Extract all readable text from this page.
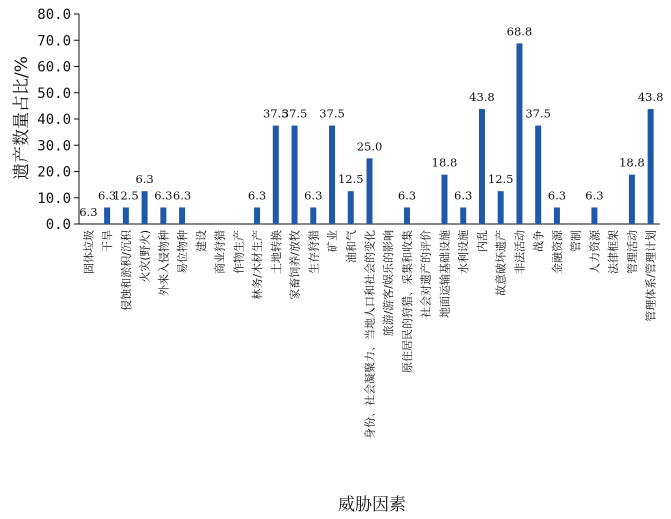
0.0
10.0
20.0
30.0
40.0
50.0
60.0
70.0
80.0
6.3
6.3
12.5
6.3
6.3 6.3	6.3
37.5
37.5
6.3
37.5
12.5
25.0
6.3
18.8
6.3
43.8
12.5
68.8
37.5
6.3 6.3
18.8
43.8
固体垃圾 干旱 侵蚀和淤积/沉积 火灾(野火) 外来入侵物种 易位物种 建设 商业狩猎 作物生产 林务/木材生产 土地转换 家畜饲养/放牧 生存狩猎 矿业 油和气 身份、社会凝聚力、当地人口和社会的变化 旅游/游客/娱乐的影响 原住居民的狩猎、采集和收集 社会对遗产的评价 地面运输基础设施 水利设施 内乱 故意破坏遗产 非法活动 战争 金融资源 管制 人力资源 法律框架 管理活动 管理体系/管理计划
遗产数量占比/%
威胁因素
